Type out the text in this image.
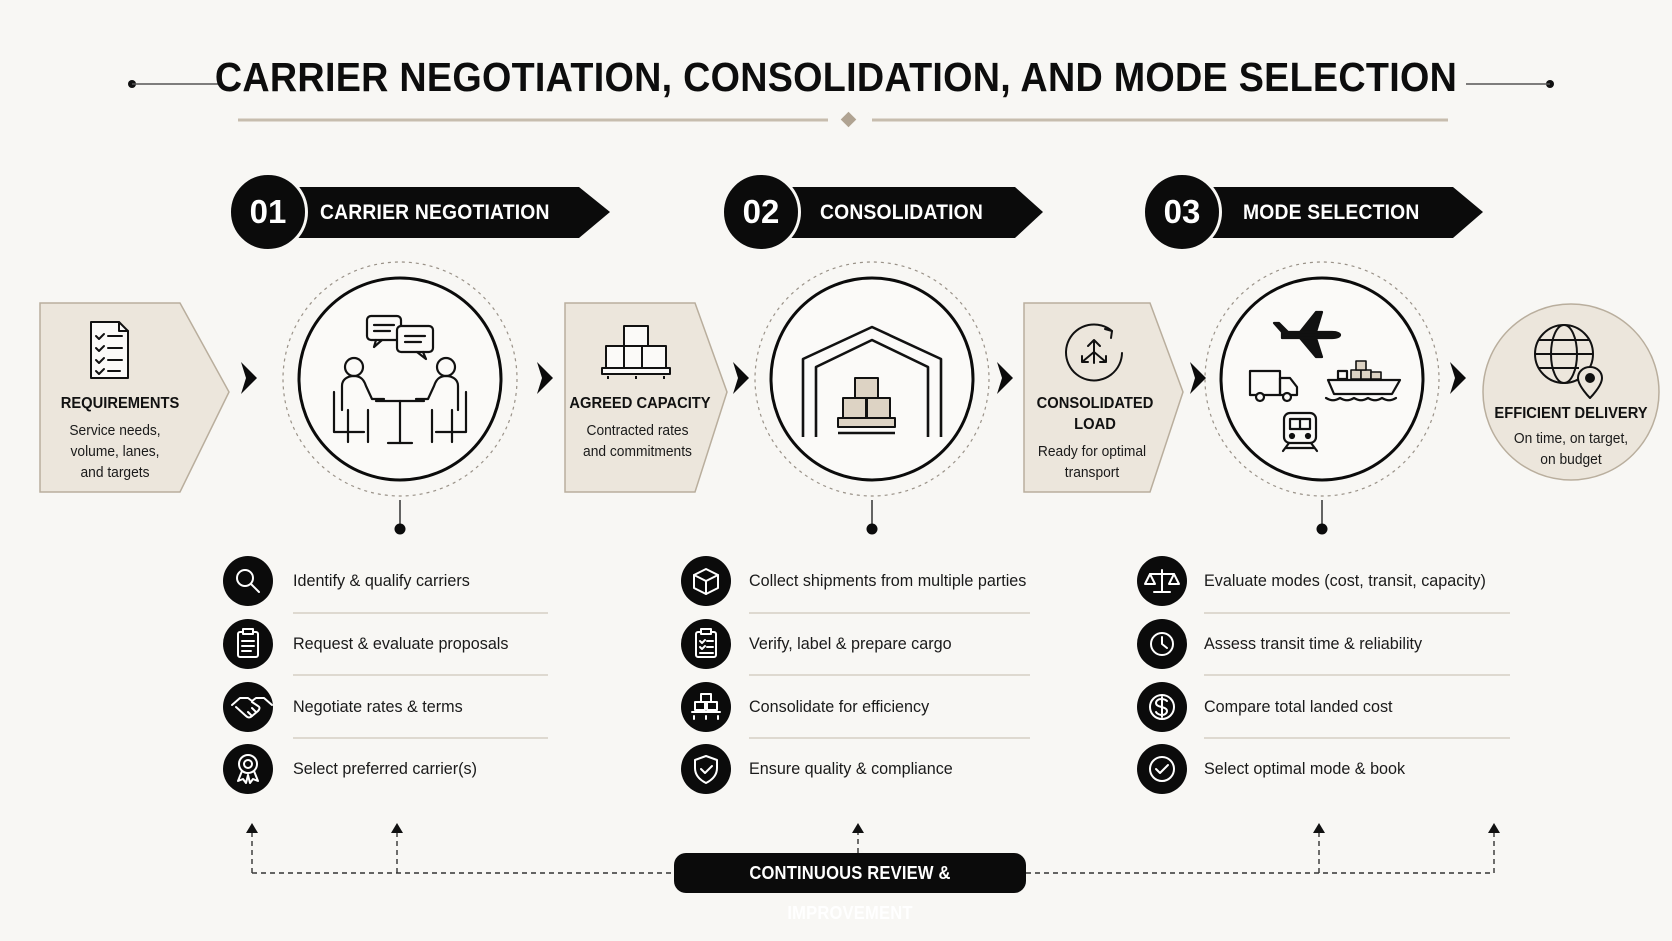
CARRIER NEGOTIATION, CONSOLIDATION, AND MODE SELECTION
01	CARRIER NEGOTIATION	02	CONSOLIDATION	03	MODE SELECTION
REQUIREMENTS
Service needs,
volume, lanes,
and targets
AGREED CAPACITY
Contracted rates
and commitments
CONSOLIDATED
LOAD
Ready for optimal
transport
EFFICIENT DELIVERY
On time, on target,
on budget
Identify & qualify carriers
Request & evaluate proposals
Negotiate rates & terms
Select preferred carrier(s)
Collect shipments from multiple parties
Verify, label & prepare cargo
Consolidate for efficiency
Ensure quality & compliance
Evaluate modes (cost, transit, capacity)
Assess transit time & reliability
Compare total landed cost
Select optimal mode & book
CONTINUOUS REVIEW & IMPROVEMENT
